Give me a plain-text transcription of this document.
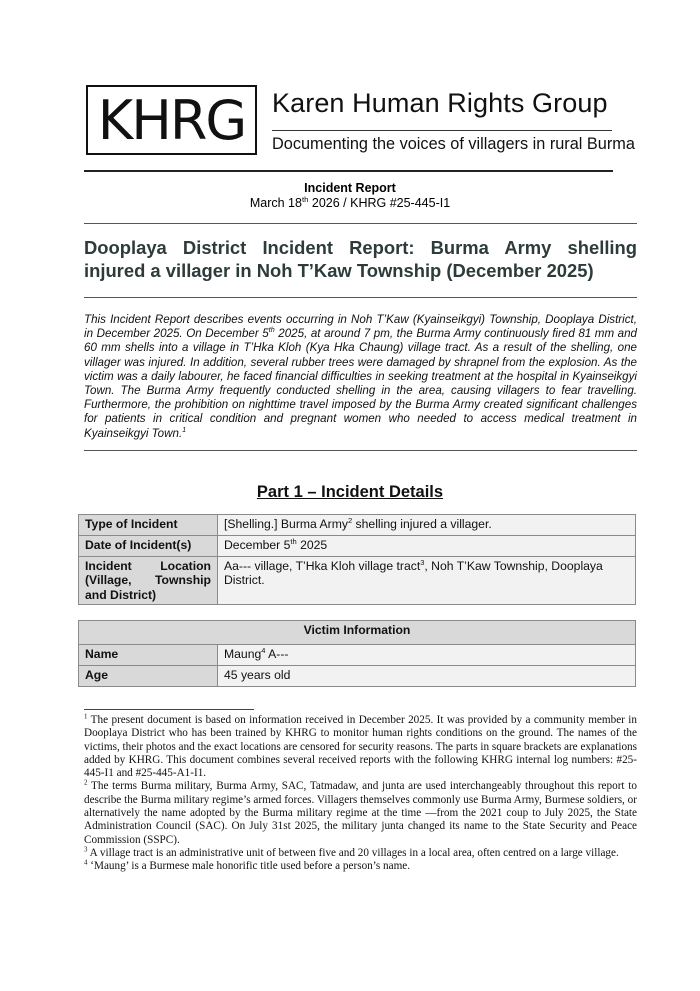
KHRG Karen Human Rights Group
Documenting the voices of villagers in rural Burma
Incident Report
March 18th 2026 / KHRG #25-445-I1
Dooplaya District Incident Report: Burma Army shelling
injured a villager in Noh T’Kaw Township (December 2025)
This Incident Report describes events occurring in Noh T’Kaw (Kyainseikgyi) Township, Dooplaya District, in December 2025. On December 5th 2025, at around 7 pm, the Burma Army continuously fired 81 mm and 60 mm shells into a village in T’Hka Kloh (Kya Hka Chaung) village tract. As a result of the shelling, one villager was injured. In addition, several rubber trees were damaged by shrapnel from the explosion. As the victim was a daily labourer, he faced financial difficulties in seeking treatment at the hospital in Kyainseikgyi Town. The Burma Army frequently conducted shelling in the area, causing villagers to fear travelling. Furthermore, the prohibition on nighttime travel imposed by the Burma Army created significant challenges for patients in critical condition and pregnant women who needed to access medical treatment in Kyainseikgyi Town.$^1$
Part 1 – Incident Details
Type of Incident	[Shelling.] Burma Army$^2$ shelling injured a villager.
Date of Incident(s)	December 5th 2025
Incident Location (Village, Township and District)	Aa--- village, T’Hka Kloh village tract$^3$, Noh T’Kaw Township, Dooplaya District.
Victim Information	
Name	Maung$^4$ A---
Age	45 years old

$^1$ The present document is based on information received in December 2025. It was provided by a community member in Dooplaya District who has been trained by KHRG to monitor human rights conditions on the ground. The names of the victims, their photos and the exact locations are censored for security reasons. The parts in square brackets are explanations added by KHRG. This document combines several received reports with the following KHRG internal log numbers: #25-445-I1 and #25-445-A1-I1.

$^2$ The terms Burma military, Burma Army, SAC, Tatmadaw, and junta are used interchangeably throughout this report to describe the Burma military regime’s armed forces. Villagers themselves commonly use Burma Army, Burmese soldiers, or alternatively the name adopted by the Burma military regime at the time —from the 2021 coup to July 2025, the State Administration Council (SAC). On July 31st 2025, the military junta changed its name to the State Security and Peace Commission (SSPC).

$^3$ A village tract is an administrative unit of between five and 20 villages in a local area, often centred on a large village.

$^4$ ‘Maung’ is a Burmese male honorific title used before a person’s name.
